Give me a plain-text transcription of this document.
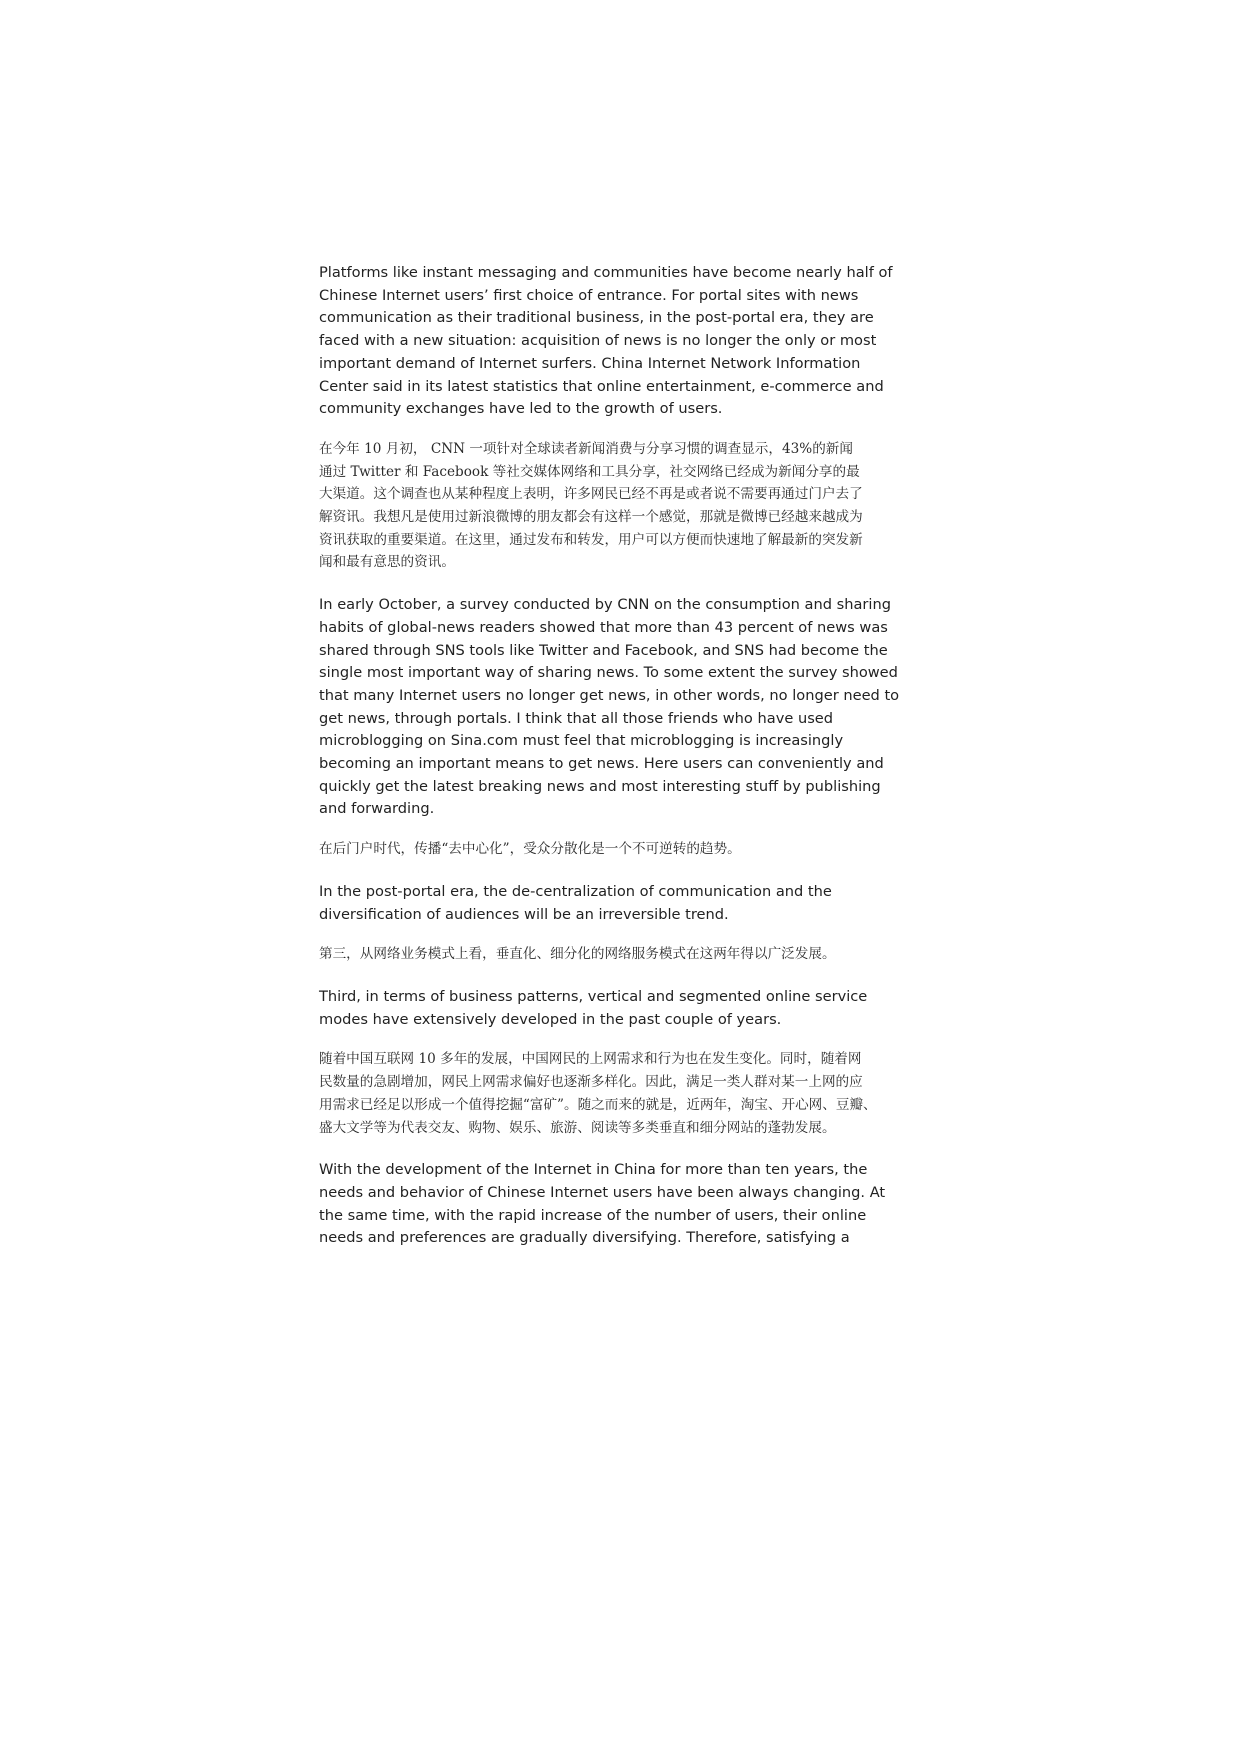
Platforms like instant messaging and communities have become nearly half of
Chinese Internet users’ first choice of entrance. For portal sites with news
communication as their traditional business, in the post-portal era, they are
faced with a new situation: acquisition of news is no longer the only or most
important demand of Internet surfers. China Internet Network Information
Center said in its latest statistics that online entertainment, e-commerce and
community exchanges have led to the growth of users.

在今年 10 月初， CNN 一项针对全球读者新闻消费与分享习惯的调查显示，43%的新闻
通过 Twitter 和 Facebook 等社交媒体网络和工具分享，社交网络已经成为新闻分享的最
大渠道。这个调查也从某种程度上表明，许多网民已经不再是或者说不需要再通过门户去了
解资讯。我想凡是使用过新浪微博的朋友都会有这样一个感觉，那就是微博已经越来越成为
资讯获取的重要渠道。在这里，通过发布和转发，用户可以方便而快速地了解最新的突发新
闻和最有意思的资讯。

In early October, a survey conducted by CNN on the consumption and sharing
habits of global-news readers showed that more than 43 percent of news was
shared through SNS tools like Twitter and Facebook, and SNS had become the
single most important way of sharing news. To some extent the survey showed
that many Internet users no longer get news, in other words, no longer need to
get news, through portals. I think that all those friends who have used
microblogging on Sina.com must feel that microblogging is increasingly
becoming an important means to get news. Here users can conveniently and
quickly get the latest breaking news and most interesting stuff by publishing
and forwarding.

在后门户时代，传播“去中心化”，受众分散化是一个不可逆转的趋势。

In the post-portal era, the de-centralization of communication and the
diversification of audiences will be an irreversible trend.

第三，从网络业务模式上看，垂直化、细分化的网络服务模式在这两年得以广泛发展。

Third, in terms of business patterns, vertical and segmented online service
modes have extensively developed in the past couple of years.

随着中国互联网 10 多年的发展，中国网民的上网需求和行为也在发生变化。同时，随着网
民数量的急剧增加，网民上网需求偏好也逐渐多样化。因此，满足一类人群对某一上网的应
用需求已经足以形成一个值得挖掘“富矿”。随之而来的就是，近两年，淘宝、开心网、豆瓣、
盛大文学等为代表交友、购物、娱乐、旅游、阅读等多类垂直和细分网站的蓬勃发展。

With the development of the Internet in China for more than ten years, the
needs and behavior of Chinese Internet users have been always changing. At
the same time, with the rapid increase of the number of users, their online
needs and preferences are gradually diversifying. Therefore, satisfying a
